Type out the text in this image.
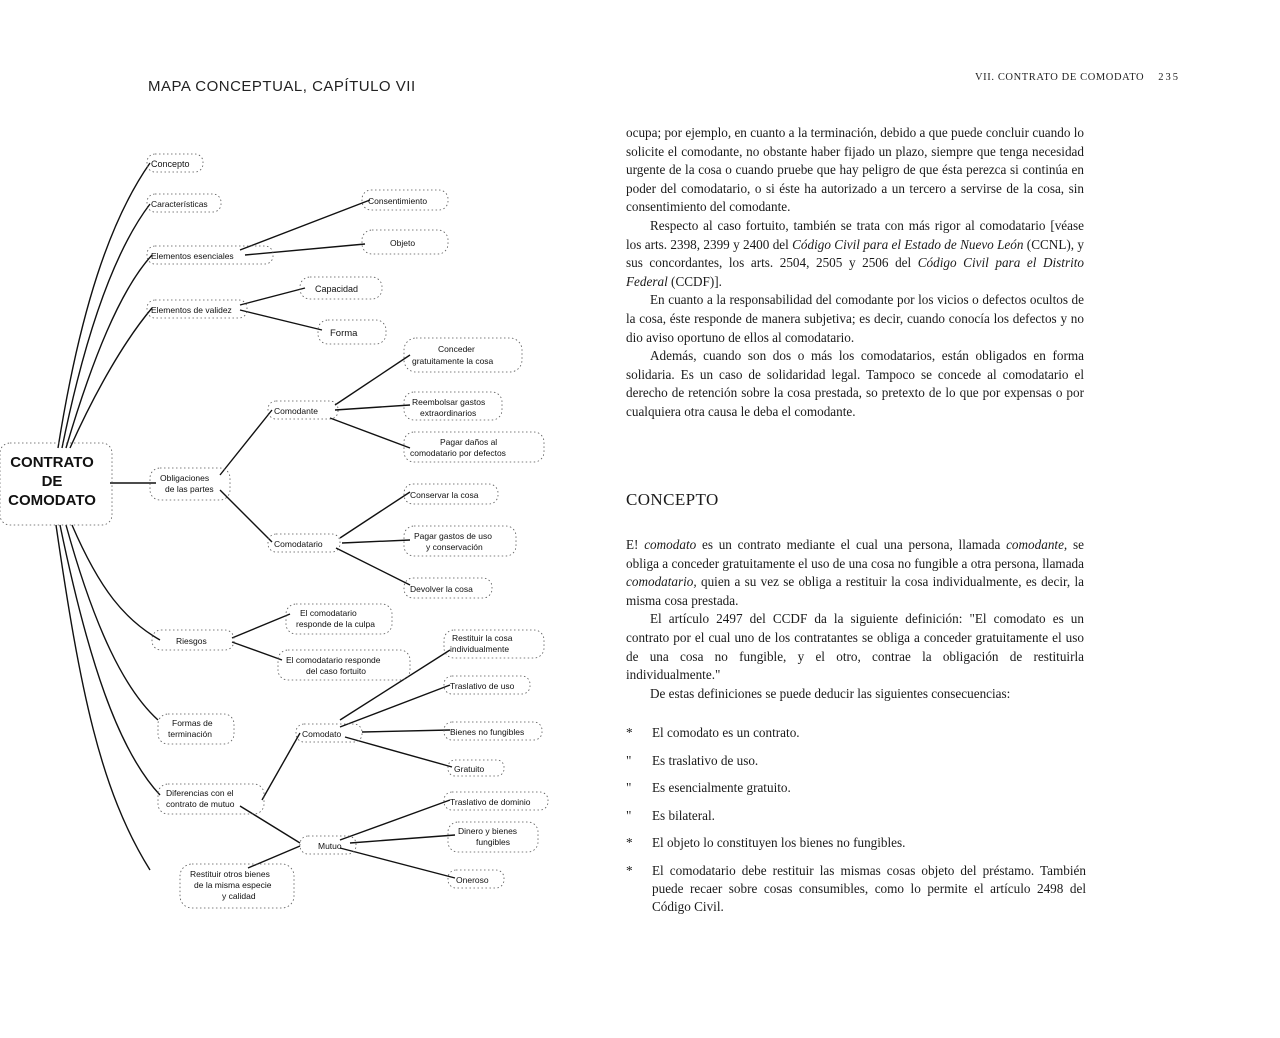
MAPA CONCEPTUAL, CAPÍTULO VII
CONTRATO
DE
COMODATO
Concepto
Características
Elementos esenciales
Consentimiento
Objeto
Elementos de validez
Capacidad
Forma
Obligaciones
de las partes
Comodante
Conceder
gratuitamente la cosa
Reembolsar gastos
extraordinarios
Pagar daños al
comodatario por defectos
Comodatario
Conservar la cosa
Pagar gastos de uso
y conservación
Devolver la cosa
Riesgos
El comodatario
responde de la culpa
El comodatario responde
del caso fortuito
Formas de
terminación
Diferencias con el
contrato de mutuo
Comodato
Restituir la cosa
individualmente
Traslativo de uso
Bienes no fungibles
Gratuito
Mutuo
Traslativo de dominio
Dinero y bienes
fungibles
Oneroso
Restituir otros bienes
de la misma especie
y calidad
VII. CONTRATO DE COMODATO 235

ocupa; por ejemplo, en cuanto a la terminación, debido a que puede concluir cuando lo solicite el comodante, no obstante haber fijado un plazo, siempre que tenga necesidad urgente de la cosa o cuando pruebe que hay peligro de que ésta perezca si continúa en poder del comodatario, o si éste ha autorizado a un tercero a servirse de la cosa, sin consentimiento del comodante.

Respecto al caso fortuito, también se trata con más rigor al comodatario [véase los arts. 2398, 2399 y 2400 del Código Civil para el Estado de Nuevo León (CCNL), y sus concordantes, los arts. 2504, 2505 y 2506 del Código Civil para el Distrito Federal (CCDF)].

En cuanto a la responsabilidad del comodante por los vicios o defectos ocultos de la cosa, éste responde de manera subjetiva; es decir, cuando conocía los defectos y no dio aviso oportuno de ellos al comodatario.

Además, cuando son dos o más los comodatarios, están obligados en forma solidaria. Es un caso de solidaridad legal. Tampoco se concede al comodatario el derecho de retención sobre la cosa prestada, so pretexto de lo que por expensas o por cualquiera otra causa le deba el comodante.

CONCEPTO

E! comodato es un contrato mediante el cual una persona, llamada comodante, se obliga a conceder gratuitamente el uso de una cosa no fungible a otra persona, llamada comodatario, quien a su vez se obliga a restituir la cosa individualmente, es decir, la misma cosa prestada.

El artículo 2497 del CCDF da la siguiente definición: "El comodato es un contrato por el cual uno de los contratantes se obliga a conceder gratuitamente el uso de una cosa no fungible, y el otro, contrae la obligación de restituirla individualmente."

De estas definiciones se puede deducir las siguientes consecuencias:

*	El comodato es un contrato.
"	Es traslativo de uso.
"	Es esencialmente gratuito.
"	Es bilateral.
*	El objeto lo constituyen los bienes no fungibles.
*	El comodatario debe restituir las mismas cosas objeto del préstamo. También puede recaer sobre cosas consumibles, como lo permite el artículo 2498 del Código Civil.
